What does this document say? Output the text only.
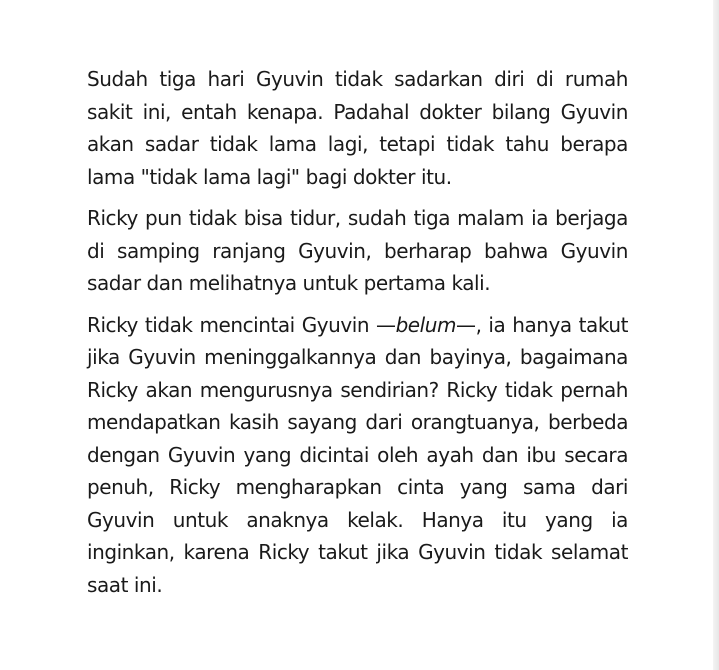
Sudah tiga hari Gyuvin tidak sadarkan diri di rumah sakit ini, entah kenapa. Padahal dokter bilang Gyuvin akan sadar tidak lama lagi, tetapi tidak tahu berapa lama "tidak lama lagi" bagi dokter itu.

Ricky pun tidak bisa tidur, sudah tiga malam ia berjaga di samping ranjang Gyuvin, berharap bahwa Gyuvin sadar dan melihatnya untuk pertama kali.

Ricky tidak mencintai Gyuvin —belum—, ia hanya takut jika Gyuvin meninggalkannya dan bayinya, bagaimana Ricky akan mengurusnya sendirian? Ricky tidak pernah mendapatkan kasih sayang dari orangtuanya, berbeda dengan Gyuvin yang dicintai oleh ayah dan ibu secara penuh, Ricky mengharapkan cinta yang sama dari Gyuvin untuk anaknya kelak. Hanya itu yang ia inginkan, karena Ricky takut jika Gyuvin tidak selamat saat ini.
